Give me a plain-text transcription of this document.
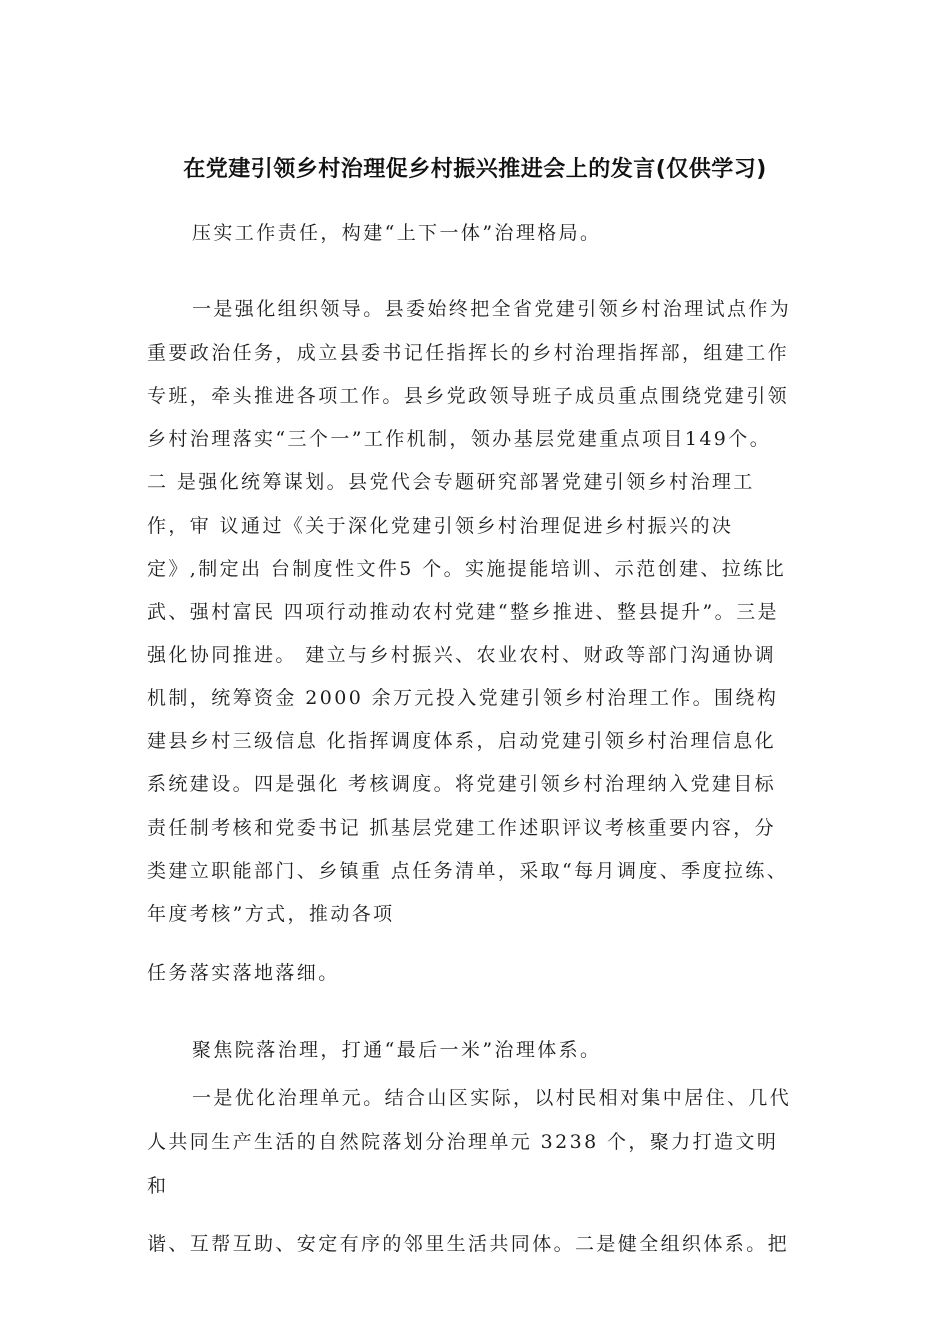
在党建引领乡村治理促乡村振兴推进会上的发言(仅供学习)
压实工作责任，构建“上下一体”治理格局。
一是强化组织领导。县委始终把全省党建引领乡村治理试点作为
重要政治任务，成立县委书记任指挥长的乡村治理指挥部，组建工作
专班，牵头推进各项工作。县乡党政领导班子成员重点围绕党建引领
乡村治理落实“三个一”工作机制，领办基层党建重点项目149个。
二 是强化统筹谋划。县党代会专题研究部署党建引领乡村治理工
作，审 议通过《关于深化党建引领乡村治理促进乡村振兴的决
定》,制定出 台制度性文件5 个。实施提能培训、示范创建、拉练比
武、强村富民 四项行动推动农村党建“整乡推进、整县提升”。三是
强化协同推进。 建立与乡村振兴、农业农村、财政等部门沟通协调
机制，统筹资金 2000 余万元投入党建引领乡村治理工作。围绕构
建县乡村三级信息 化指挥调度体系，启动党建引领乡村治理信息化
系统建设。四是强化 考核调度。将党建引领乡村治理纳入党建目标
责任制考核和党委书记 抓基层党建工作述职评议考核重要内容，分
类建立职能部门、乡镇重 点任务清单，采取“每月调度、季度拉练、
年度考核”方式，推动各项
任务落实落地落细。
聚焦院落治理，打通“最后一米”治理体系。
一是优化治理单元。结合山区实际，以村民相对集中居住、几代
人共同生产生活的自然院落划分治理单元 3238 个，聚力打造文明
和
谐、互帮互助、安定有序的邻里生活共同体。二是健全组织体系。把
